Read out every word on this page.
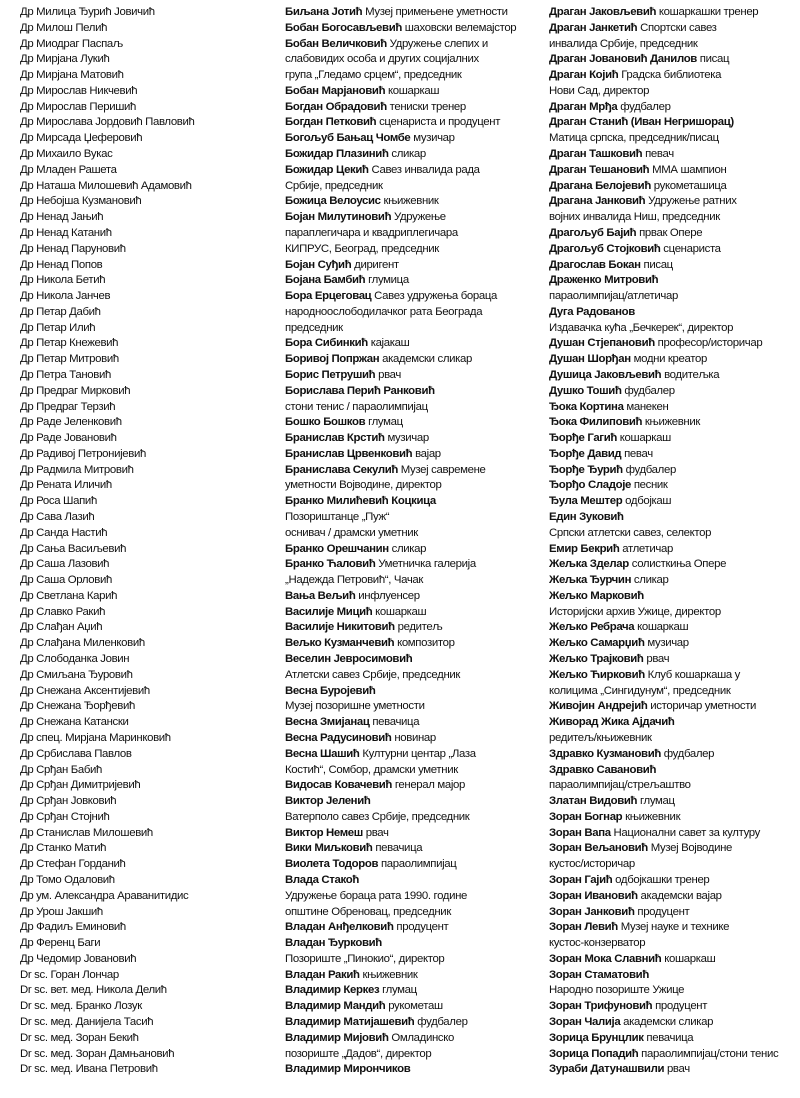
Др Милица Ђурић Јовичић
Др Милош Пелић
Др Миодраг Паспаљ
Др Мирјана Лукић
Др Мирјана Матовић
Др Мирослав Никчевић
Др Мирослав Перишић
Др Мирослава Јордовић Павловић
Др Мирсада Џеферовић
Др Михаило Вукас
Др Младен Рашета
Др Наташа Милошевић Адамовић
Др Небојша Кузмановић
Др Ненад Јањић
Др Ненад Катанић
Др Ненад Паруновић
Др Ненад Попов
Др Никола Бетић
Др Никола Јанчев
Др Петар Дабић
Др Петар Илић
Др Петар Кнежевић
Др Петар Митровић
Др Петра Тановић
Др Предраг Мирковић
Др Предраг Терзић
Др Раде Јеленковић
Др Раде Јовановић
Др Радивој Петронијевић
Др Радмила Митровић
Др Рената Иличић
Др Роса Шапић
Др Сава Лазић
Др Санда Настић
Др Сања Васиљевић
Др Саша Лазовић
Др Саша Орловић
Др Светлана Карић
Др Славко Ракић
Др Слађан Аџић
Др Слађана Миленковић
Др Слободанка Јовин
Др Смиљана Ђуровић
Др Снежана Аксентијевић
Др Снежана Ђорђевић
Др Снежана Катански
Др спец. Мирјана Маринковић
Др Србислава Павлов
Др Срђан Бабић
Др Срђан Димитријевић
Др Срђан Јовковић
Др Срђан Стојнић
Др Станислав Милошевић
Др Станко Матић
Др Стефан Горданић
Др Томо Одаловић
Др ум. Александра Араванитидис
Др Урош Јакшић
Др Фадиљ Еминовић
Др Ференц Баги
Др Чедомир Јовановић
Dr sc. Горан Лончар
Dr sc. вет. мед. Никола Делић
Dr sc. мед. Бранко Лозук
Dr sc. мед. Данијела Тасић
Dr sc. мед. Зоран Бекић
Dr sc. мед. Зоран Дамњановић
Dr sc. мед. Ивана Петровић
Биљана Јотић Музеј примењене уметности
Бобан Богосављевић шаховски велемајстор
Бобан Величковић Удружење слепих и
слабовидих особа и других социјалних
група „Гледамо срцем“, председник
Бобан Марјановић кошаркаш
Богдан Обрадовић тениски тренер
Богдан Петковић сценариста и продуцент
Богољуб Бањац Чомбе музичар
Божидар Плазинић сликар
Божидар Цекић Савез инвалида рада
Србије, председник
Божица Велоусис књижевник
Бојан Милутиновић Удружење
параплегичара и квадриплегичара
КИПРУС, Београд, председник
Бојан Суђић диригент
Бојана Бамбић глумица
Бора Ерцеговац Савез удружења бораца
народноослободилачког рата Београда
председник
Бора Сибинкић кајакаш
Боривој Попржан академски сликар
Борис Петрушић рвач
Борислава Перић Ранковић
стони тенис / параолимпијац
Бошко Бошков глумац
Бранислав Крстић музичар
Бранислав Црвенковић вајар
Бранислава Секулић Музеј савремене
уметности Војводине, директор
Бранко Милићевић Коцкица
Позориштанце „Пуж“
оснивач / драмски уметник
Бранко Орешчанин сликар
Бранко Ћаловић Уметничка галерија
„Надежда Петровић“, Чачак
Вања Вељић инфлуенсер
Василије Мицић кошаркаш
Василије Никитовић редитељ
Вељко Кузманчевић композитор
Веселин Јевросимовић
Атлетски савез Србије, председник
Весна Буројевић
Музеј позоришне уметности
Весна Змијанац певачица
Весна Радусиновић новинар
Весна Шашић Културни центар „Лаза
Костић“, Сомбор, драмски уметник
Видосав Ковачевић генерал мајор
Виктор Јеленић
Ватерполо савез Србије, председник
Виктор Немеш рвач
Вики Миљковић певачица
Виолета Тодоров параолимпијац
Влада Стакоћ
Удружење бораца рата 1990. године
општине Обреновац, председник
Владан Анђелковић продуцент
Владан Ђурковић
Позориште „Пинокио“, директор
Владан Ракић књижевник
Владимир Керкез глумац
Владимир Мандић рукометаш
Владимир Матијашевић фудбалер
Владимир Мијовић Омладинско
позориште „Дадов“, директор
Владимир Мирончиков
Драган Јаковљевић кошаркашки тренер
Драган Јанкетић Спортски савез
инвалида Србије, председник
Драган Јовановић Данилов писац
Драган Којић Градска библиотека
Нови Сад, директор
Драган Мрђа фудбалер
Драган Станић (Иван Негришорац)
Матица српска, председник/писац
Драган Ташковић певач
Драган Тешановић ММА шампион
Драгана Белојевић рукометашица
Драгана Јанковић Удружење ратних
војних инвалида Ниш, председник
Драгољуб Бајић првак Опере
Драгољуб Стојковић сценариста
Драгослав Бокан писац
Драженко Митровић
параолимпијац/атлетичар
Дуга Радованов
Издавачка кућа „Бечкерек“, директор
Душан Стјепановић професор/историчар
Душан Шорђан модни креатор
Душица Јаковљевић водитељка
Душко Тошић фудбалер
Ђока Кортина манекен
Ђока Филиповић књижевник
Ђорђе Гагић кошаркаш
Ђорђе Давид певач
Ђорђе Ђурић фудбалер
Ђорђо Сладоје песник
Ђула Мештер одбојкаш
Един Зуковић
Српски атлетски савез, селектор
Емир Бекрић атлетичар
Жељка Зделар солисткиња Опере
Жељка Ђурчин сликар
Жељко Марковић
Историјски архив Ужице, директор
Жељко Ребрача кошаркаш
Жељко Самарџић музичар
Жељко Трајковић рвач
Жељко Ћирковић Клуб кошаркаша у
колицима „Сингидунум“, председник
Живојин Андрејић историчар уметности
Живорад Жика Ајдачић
редитељ/књижевник
Здравко Кузмановић фудбалер
Здравко Савановић
параолимпијац/стрељаштво
Златан Видовић глумац
Зоран Богнар књижевник
Зоран Вапа Национални савет за културу
Зоран Вељановић Музеј Војводине
кустос/историчар
Зоран Гајић одбојкашки тренер
Зоран Ивановић академски вајар
Зоран Јанковић продуцент
Зоран Левић Музеј науке и технике
кустос-конзерватор
Зоран Мока Славнић кошаркаш
Зоран Стаматовић
Народно позориште Ужице
Зоран Трифуновић продуцент
Зоран Чалија академски сликар
Зорица Брунцлик певачица
Зорица Попадић параолимпијац/стони тенис
Зураби Датунашвили рвач
